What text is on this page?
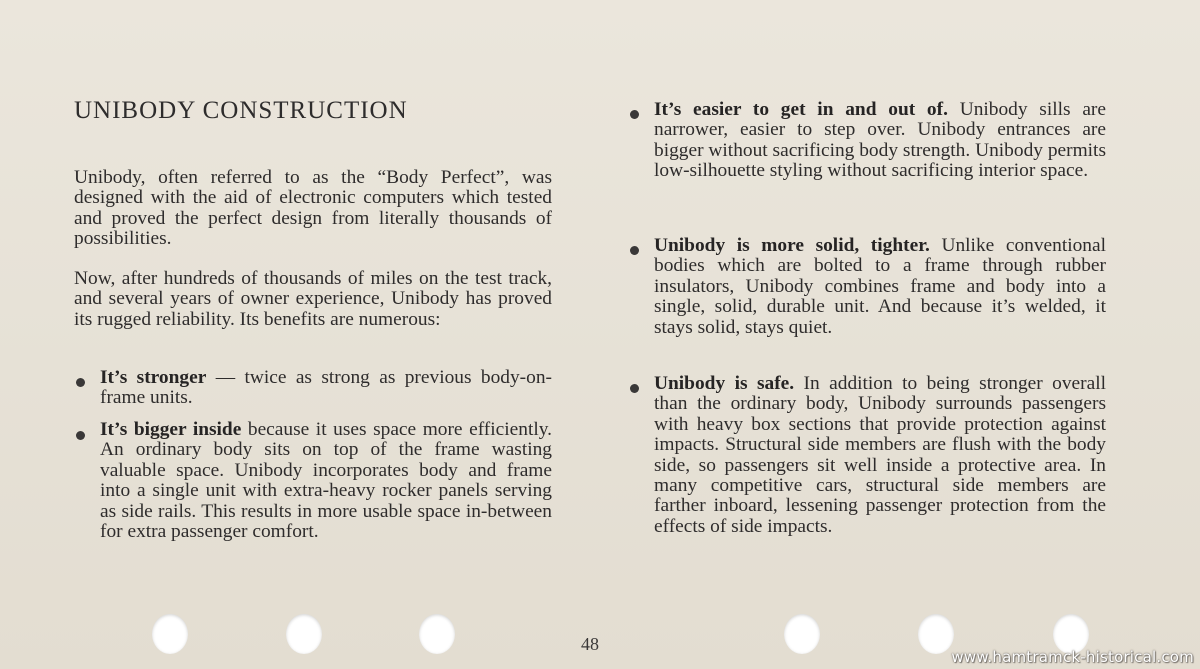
UNIBODY CONSTRUCTION

Unibody, often referred to as the “Body Perfect”, was designed with the aid of electronic computers which tested and proved the perfect design from literally thousands of possibilities.

Now, after hundreds of thousands of miles on the test track, and several years of owner experience, Unibody has proved its rugged reliability. Its benefits are numerous:

It’s stronger — twice as strong as previous body-on-frame units.

It’s bigger inside because it uses space more efficiently. An ordinary body sits on top of the frame wasting valuable space. Unibody incorporates body and frame into a single unit with extra-heavy rocker panels serving as side rails. This results in more usable space in-between for extra passenger comfort.

It’s easier to get in and out of. Unibody sills are narrower, easier to step over. Unibody entrances are bigger without sacrificing body strength. Unibody permits low-silhouette styling without sacrificing interior space.

Unibody is more solid, tighter. Unlike conventional bodies which are bolted to a frame through rubber insulators, Unibody combines frame and body into a single, solid, durable unit. And because it’s welded, it stays solid, stays quiet.

Unibody is safe. In addition to being stronger overall than the ordinary body, Unibody surrounds passengers with heavy box sections that provide protection against impacts. Structural side members are flush with the body side, so passengers sit well inside a protective area. In many competitive cars, structural side members are farther inboard, lessening passenger protection from the effects of side impacts.

48
www.hamtramck-historical.com
